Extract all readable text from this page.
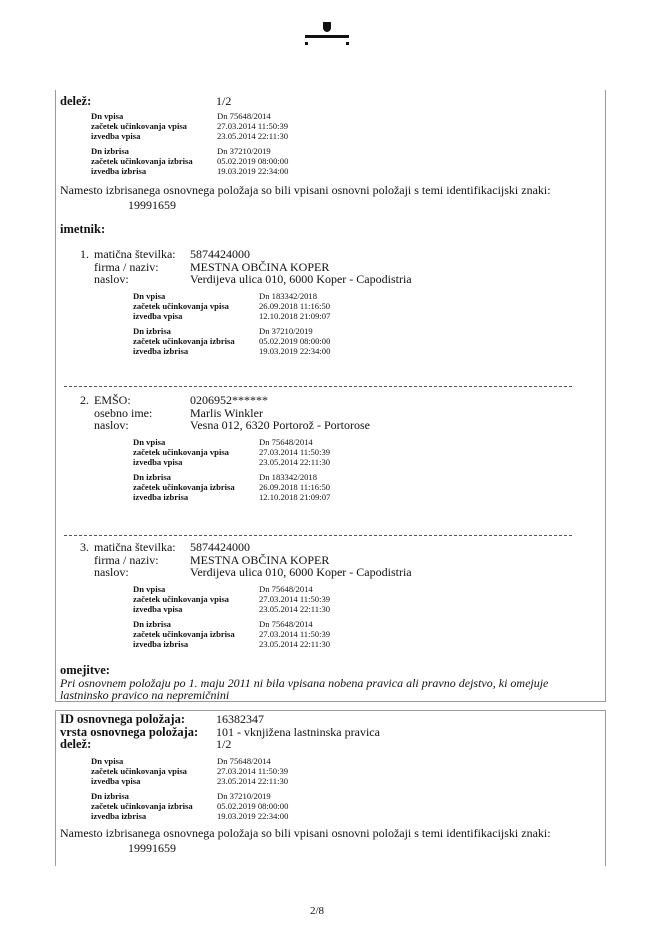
delež:	1/2
Dn vpisa	Dn 75648/2014
začetek učinkovanja vpisa	27.03.2014 11:50:39
izvedba vpisa	23.05.2014 22:11:30
Dn izbrisa	Dn 37210/2019
začetek učinkovanja izbrisa	05.02.2019 08:00:00
izvedba izbrisa	19.03.2019 22:34:00
Namesto izbrisanega osnovnega položaja so bili vpisani osnovni položaji s temi identifikacijski znaki:
19991659
imetnik:
1. matična številka: 5874424000
firma / naziv:	MESTNA OBČINA KOPER
naslov:	Verdijeva ulica 010, 6000 Koper - Capodistria
Dn vpisa	Dn 183342/2018
začetek učinkovanja vpisa	26.09.2018 11:16:50
izvedba vpisa	12.10.2018 21:09:07
Dn izbrisa	Dn 37210/2019
začetek učinkovanja izbrisa	05.02.2019 08:00:00
izvedba izbrisa	19.03.2019 22:34:00
2. EMŠO:	0206952******
osebno ime:	Marlis Winkler
naslov:	Vesna 012, 6320 Portorož - Portorose
Dn vpisa	Dn 75648/2014
začetek učinkovanja vpisa	27.03.2014 11:50:39
izvedba vpisa	23.05.2014 22:11:30
Dn izbrisa	Dn 183342/2018
začetek učinkovanja izbrisa	26.09.2018 11:16:50
izvedba izbrisa	12.10.2018 21:09:07
3. matična številka: 5874424000
firma / naziv:	MESTNA OBČINA KOPER
naslov:	Verdijeva ulica 010, 6000 Koper - Capodistria
Dn vpisa	Dn 75648/2014
začetek učinkovanja vpisa	27.03.2014 11:50:39
izvedba vpisa	23.05.2014 22:11:30
Dn izbrisa	Dn 75648/2014
začetek učinkovanja izbrisa	27.03.2014 11:50:39
izvedba izbrisa	23.05.2014 22:11:30
omejitve:
Pri osnovnem položaju po 1. maju 2011 ni bila vpisana nobena pravica ali pravno dejstvo, ki omejuje
lastninsko pravico na nepremičnini
ID osnovnega položaja:	16382347
vrsta osnovnega položaja: 101 - vknjižena lastninska pravica
delež:	1/2
Dn vpisa	Dn 75648/2014
začetek učinkovanja vpisa	27.03.2014 11:50:39
izvedba vpisa	23.05.2014 22:11:30
Dn izbrisa	Dn 37210/2019
začetek učinkovanja izbrisa	05.02.2019 08:00:00
izvedba izbrisa	19.03.2019 22:34:00
Namesto izbrisanega osnovnega položaja so bili vpisani osnovni položaji s temi identifikacijski znaki:
19991659
2/8
